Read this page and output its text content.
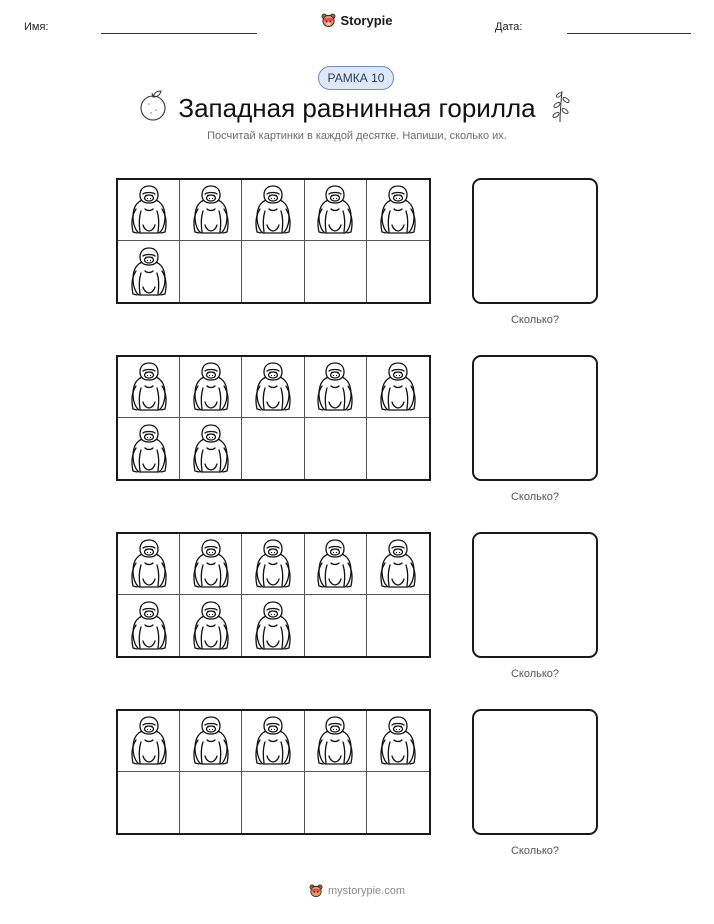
Имя:	Storypie	Дата:
РАМКА 10
Западная равнинная горилла
Посчитай картинки в каждой десятке. Напиши, сколько их.
Сколько?
Сколько?
Сколько?
Сколько?
mystorypie.com
